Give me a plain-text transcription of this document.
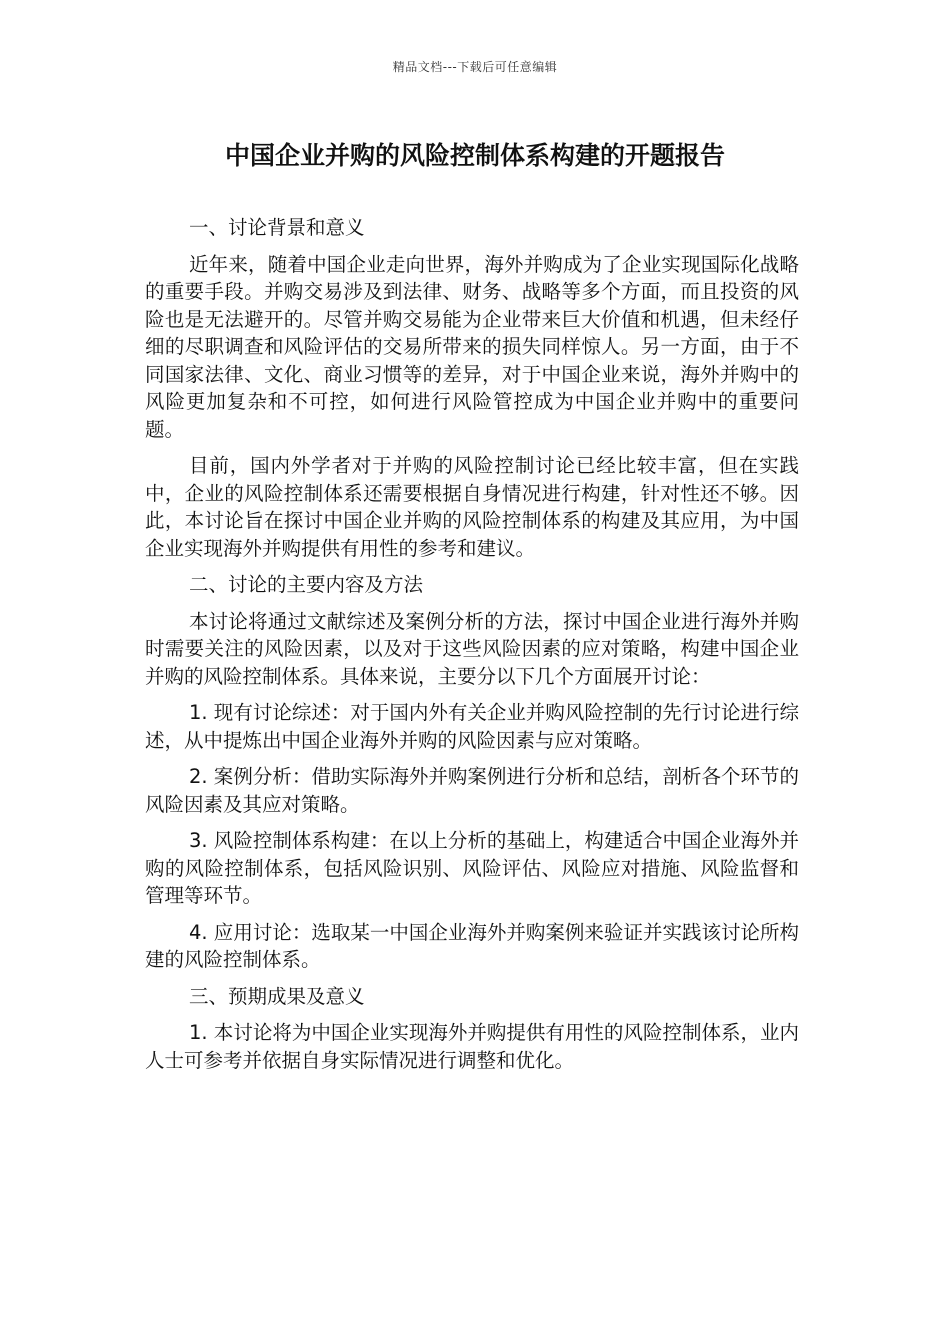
精品文档---下载后可任意编辑
中国企业并购的风险控制体系构建的开题报告

一、讨论背景和意义

近年来，随着中国企业走向世界，海外并购成为了企业实现国际化战略的重要手段。并购交易涉及到法律、财务、战略等多个方面，而且投资的风险也是无法避开的。尽管并购交易能为企业带来巨大价值和机遇，但未经仔细的尽职调查和风险评估的交易所带来的损失同样惊人。另一方面，由于不同国家法律、文化、商业习惯等的差异，对于中国企业来说，海外并购中的风险更加复杂和不可控，如何进行风险管控成为中国企业并购中的重要问题。

目前，国内外学者对于并购的风险控制讨论已经比较丰富，但在实践中，企业的风险控制体系还需要根据自身情况进行构建，针对性还不够。因此，本讨论旨在探讨中国企业并购的风险控制体系的构建及其应用，为中国企业实现海外并购提供有用性的参考和建议。

二、讨论的主要内容及方法

本讨论将通过文献综述及案例分析的方法，探讨中国企业进行海外并购时需要关注的风险因素，以及对于这些风险因素的应对策略，构建中国企业并购的风险控制体系。具体来说，主要分以下几个方面展开讨论：

1. 现有讨论综述：对于国内外有关企业并购风险控制的先行讨论进行综述，从中提炼出中国企业海外并购的风险因素与应对策略。

2. 案例分析：借助实际海外并购案例进行分析和总结，剖析各个环节的风险因素及其应对策略。

3. 风险控制体系构建：在以上分析的基础上，构建适合中国企业海外并购的风险控制体系，包括风险识别、风险评估、风险应对措施、风险监督和管理等环节。

4. 应用讨论：选取某一中国企业海外并购案例来验证并实践该讨论所构建的风险控制体系。

三、预期成果及意义

1. 本讨论将为中国企业实现海外并购提供有用性的风险控制体系，业内人士可参考并依据自身实际情况进行调整和优化。
